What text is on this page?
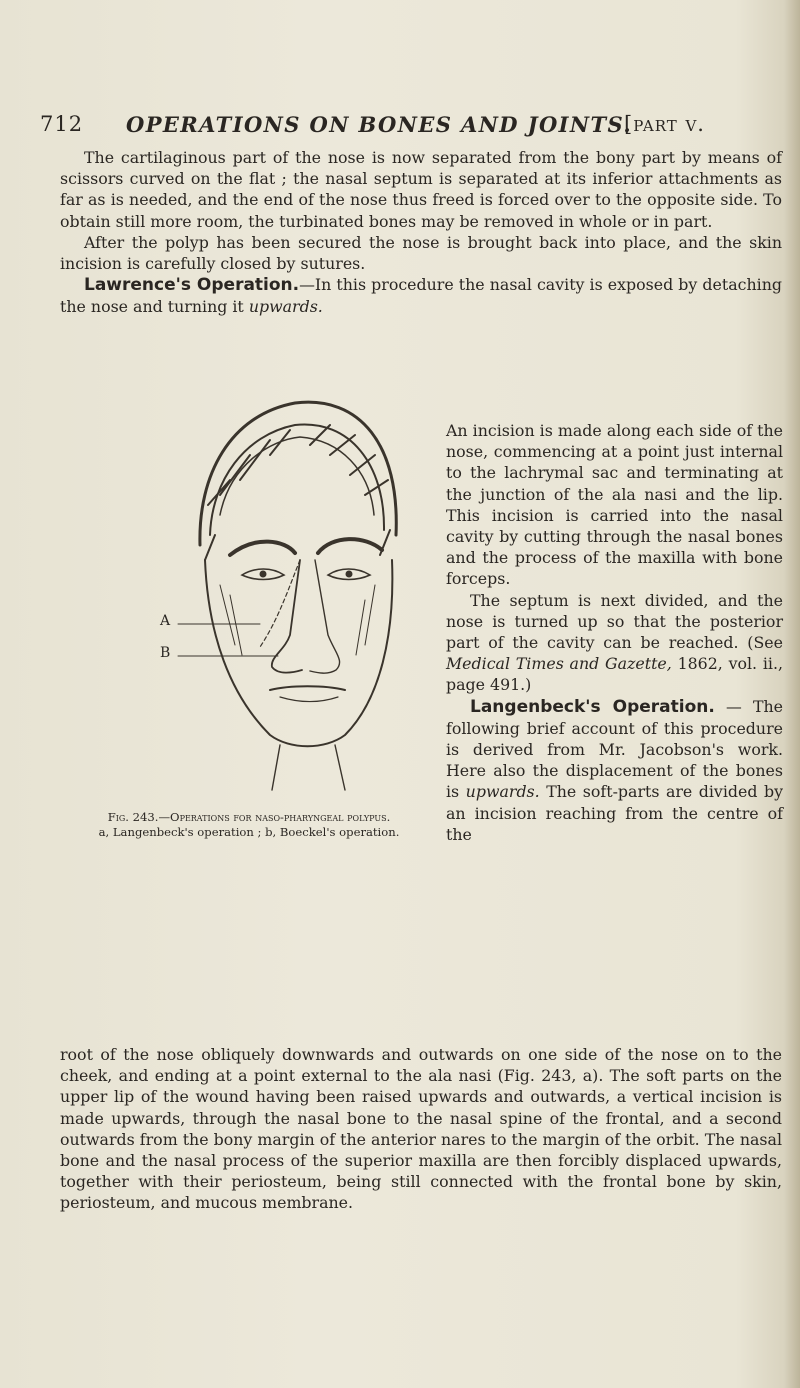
712 OPERATIONS ON BONES AND JOINTS.
[part v.

The cartilaginous part of the nose is now separated from the bony part by means of scissors curved on the flat ; the nasal septum is separated at its inferior attachments as far as is needed, and the end of the nose thus freed is forced over to the opposite side. To obtain still more room, the turbinated bones may be removed in whole or in part.

After the polyp has been secured the nose is brought back into place, and the skin incision is carefully closed by sutures.

Lawrence's Operation.—In this procedure the nasal cavity is exposed by detaching the nose and turning it upwards.

An incision is made along each side of the nose, commencing at a point just internal to the lachrymal sac and terminating at the junction of the ala nasi and the lip. This incision is carried into the nasal cavity by cutting through the nasal bones and the process of the maxilla with bone forceps.

The septum is next divided, and the nose is turned up so that the posterior part of the cavity can be reached. (See Medical Times and Gazette, 1862, vol. ii., page 491.)

Langenbeck's Operation. — The following brief account of this procedure is derived from Mr. Jacobson's work. Here also the displacement of the bones is upwards. The soft-parts are divided by an incision reaching from the centre of the

A
B
Fig. 243.—Operations for naso-pharyngeal polypus.
a, Langenbeck's operation ; b, Boeckel's operation.

root of the nose obliquely downwards and outwards on one side of the nose on to the cheek, and ending at a point external to the ala nasi (Fig. 243, a). The soft parts on the upper lip of the wound having been raised upwards and outwards, a vertical incision is made upwards, through the nasal bone to the nasal spine of the frontal, and a second outwards from the bony margin of the anterior nares to the margin of the orbit. The nasal bone and the nasal process of the superior maxilla are then forcibly displaced upwards, together with their periosteum, being still connected with the frontal bone by skin, periosteum, and mucous membrane.
